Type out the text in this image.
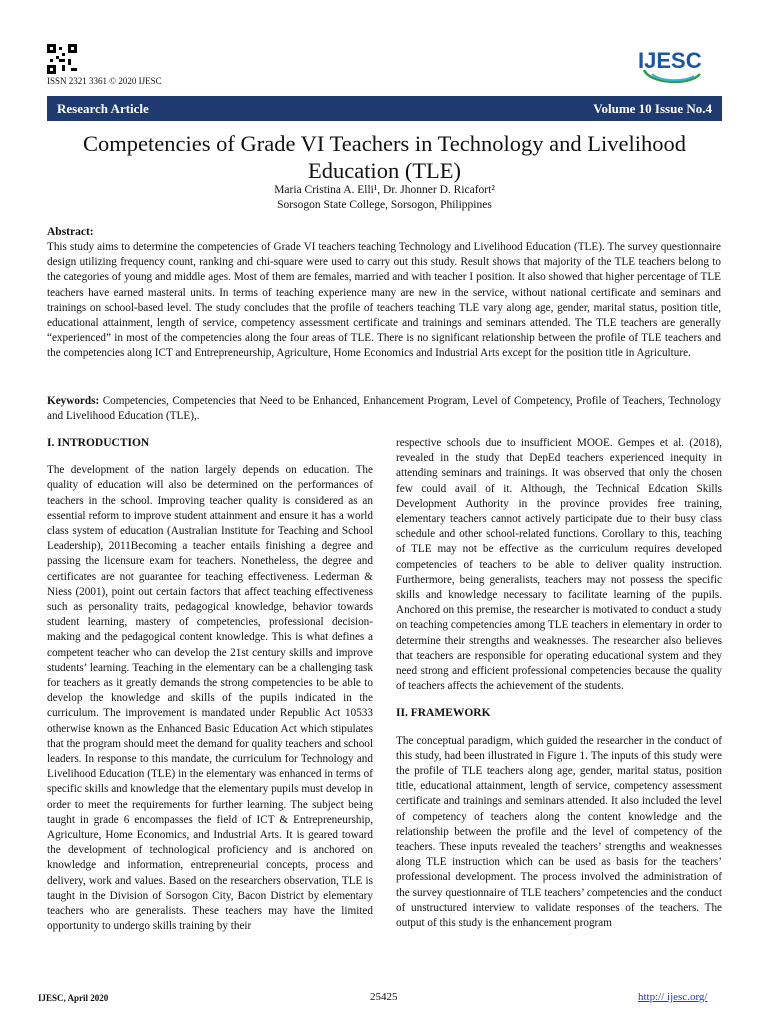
ISSN 2321 3361 © 2020 IJESC
IJESC
Research Article	Volume 10 Issue No.4
Competencies of Grade VI Teachers in Technology and Livelihood Education (TLE)
Maria Cristina A. Elli¹, Dr. Jhonner D. Ricafort²
Sorsogon State College, Sorsogon, Philippines
Abstract:

This study aims to determine the competencies of Grade VI teachers teaching Technology and Livelihood Education (TLE). The survey questionnaire design utilizing frequency count, ranking and chi-square were used to carry out this study. Result shows that majority of the TLE teachers belong to the categories of young and middle ages. Most of them are females, married and with teacher I position. It also showed that higher percentage of TLE teachers have earned masteral units. In terms of teaching experience many are new in the service, without national certificate and seminars and trainings on school-based level. The study concludes that the profile of teachers teaching TLE vary along age, gender, marital status, position title, educational attainment, length of service, competency assessment certificate and trainings and seminars attended. The TLE teachers are generally “experienced” in most of the competencies along the four areas of TLE. There is no significant relationship between the profile of TLE teachers and the competencies along ICT and Entrepreneurship, Agriculture, Home Economics and Industrial Arts except for the position title in Agriculture.

Keywords: Competencies, Competencies that Need to be Enhanced, Enhancement Program, Level of Competency, Profile of Teachers, Technology and Livelihood Education (TLE),.

I. INTRODUCTION

The development of the nation largely depends on education. The quality of education will also be determined on the performances of teachers in the school. Improving teacher quality is considered as an essential reform to improve student attainment and ensure it has a world class system of education (Australian Institute for Teaching and School Leadership), 2011Becoming a teacher entails finishing a degree and passing the licensure exam for teachers. Nonetheless, the degree and certificates are not guarantee for teaching effectiveness. Lederman & Niess (2001), point out certain factors that affect teaching effectiveness such as personality traits, pedagogical knowledge, behavior towards student learning, mastery of competencies, professional decision-making and the pedagogical content knowledge. This is what defines a competent teacher who can develop the 21st century skills and improve students’ learning. Teaching in the elementary can be a challenging task for teachers as it greatly demands the strong competencies to be able to develop the knowledge and skills of the pupils indicated in the curriculum. The improvement is mandated under Republic Act 10533 otherwise known as the Enhanced Basic Education Act which stipulates that the program should meet the demand for quality teachers and school leaders. In response to this mandate, the curriculum for Technology and Livelihood Education (TLE) in the elementary was enhanced in terms of specific skills and knowledge that the elementary pupils must develop in order to meet the requirements for further learning. The subject being taught in grade 6 encompasses the field of ICT & Entrepreneurship, Agriculture, Home Economics, and Industrial Arts. It is geared toward the development of technological proficiency and is anchored on knowledge and information, entrepreneurial concepts, process and delivery, work and values. Based on the researchers observation, TLE is taught in the Division of Sorsogon City, Bacon District by elementary teachers who are generalists. These teachers may have the limited opportunity to undergo skills training by their

respective schools due to insufficient MOOE. Gempes et al. (2018), revealed in the study that DepEd teachers experienced inequity in attending seminars and trainings. It was observed that only the chosen few could avail of it. Although, the Technical Edcation Skills Development Authority in the province provides free training, elementary teachers cannot actively participate due to their busy class schedule and other school-related functions. Corollary to this, teaching of TLE may not be effective as the curriculum requires developed competencies of teachers to be able to deliver quality instruction. Furthermore, being generalists, teachers may not possess the specific skills and knowledge necessary to facilitate learning of the pupils. Anchored on this premise, the researcher is motivated to conduct a study on teaching competencies among TLE teachers in elementary in order to determine their strengths and weaknesses. The researcher also believes that teachers are responsible for operating educational system and they need strong and efficient professional competencies because the quality of teachers affects the achievement of the students.

II. FRAMEWORK

The conceptual paradigm, which guided the researcher in the conduct of this study, had been illustrated in Figure 1. The inputs of this study were the profile of TLE teachers along age, gender, marital status, position title, educational attainment, length of service, competency assessment certificate and trainings and seminars attended. It also included the level of competency of teachers along the content knowledge and the relationship between the profile and the level of competency of the teachers. These inputs revealed the teachers’ strengths and weaknesses along TLE instruction which can be used as basis for the teachers’ professional development. The process involved the administration of the survey questionnaire of TLE teachers’ competencies and the conduct of unstructured interview to validate responses of the teachers. The output of this study is the enhancement program

IJESC, April 2020	25425	http:// ijesc.org/
